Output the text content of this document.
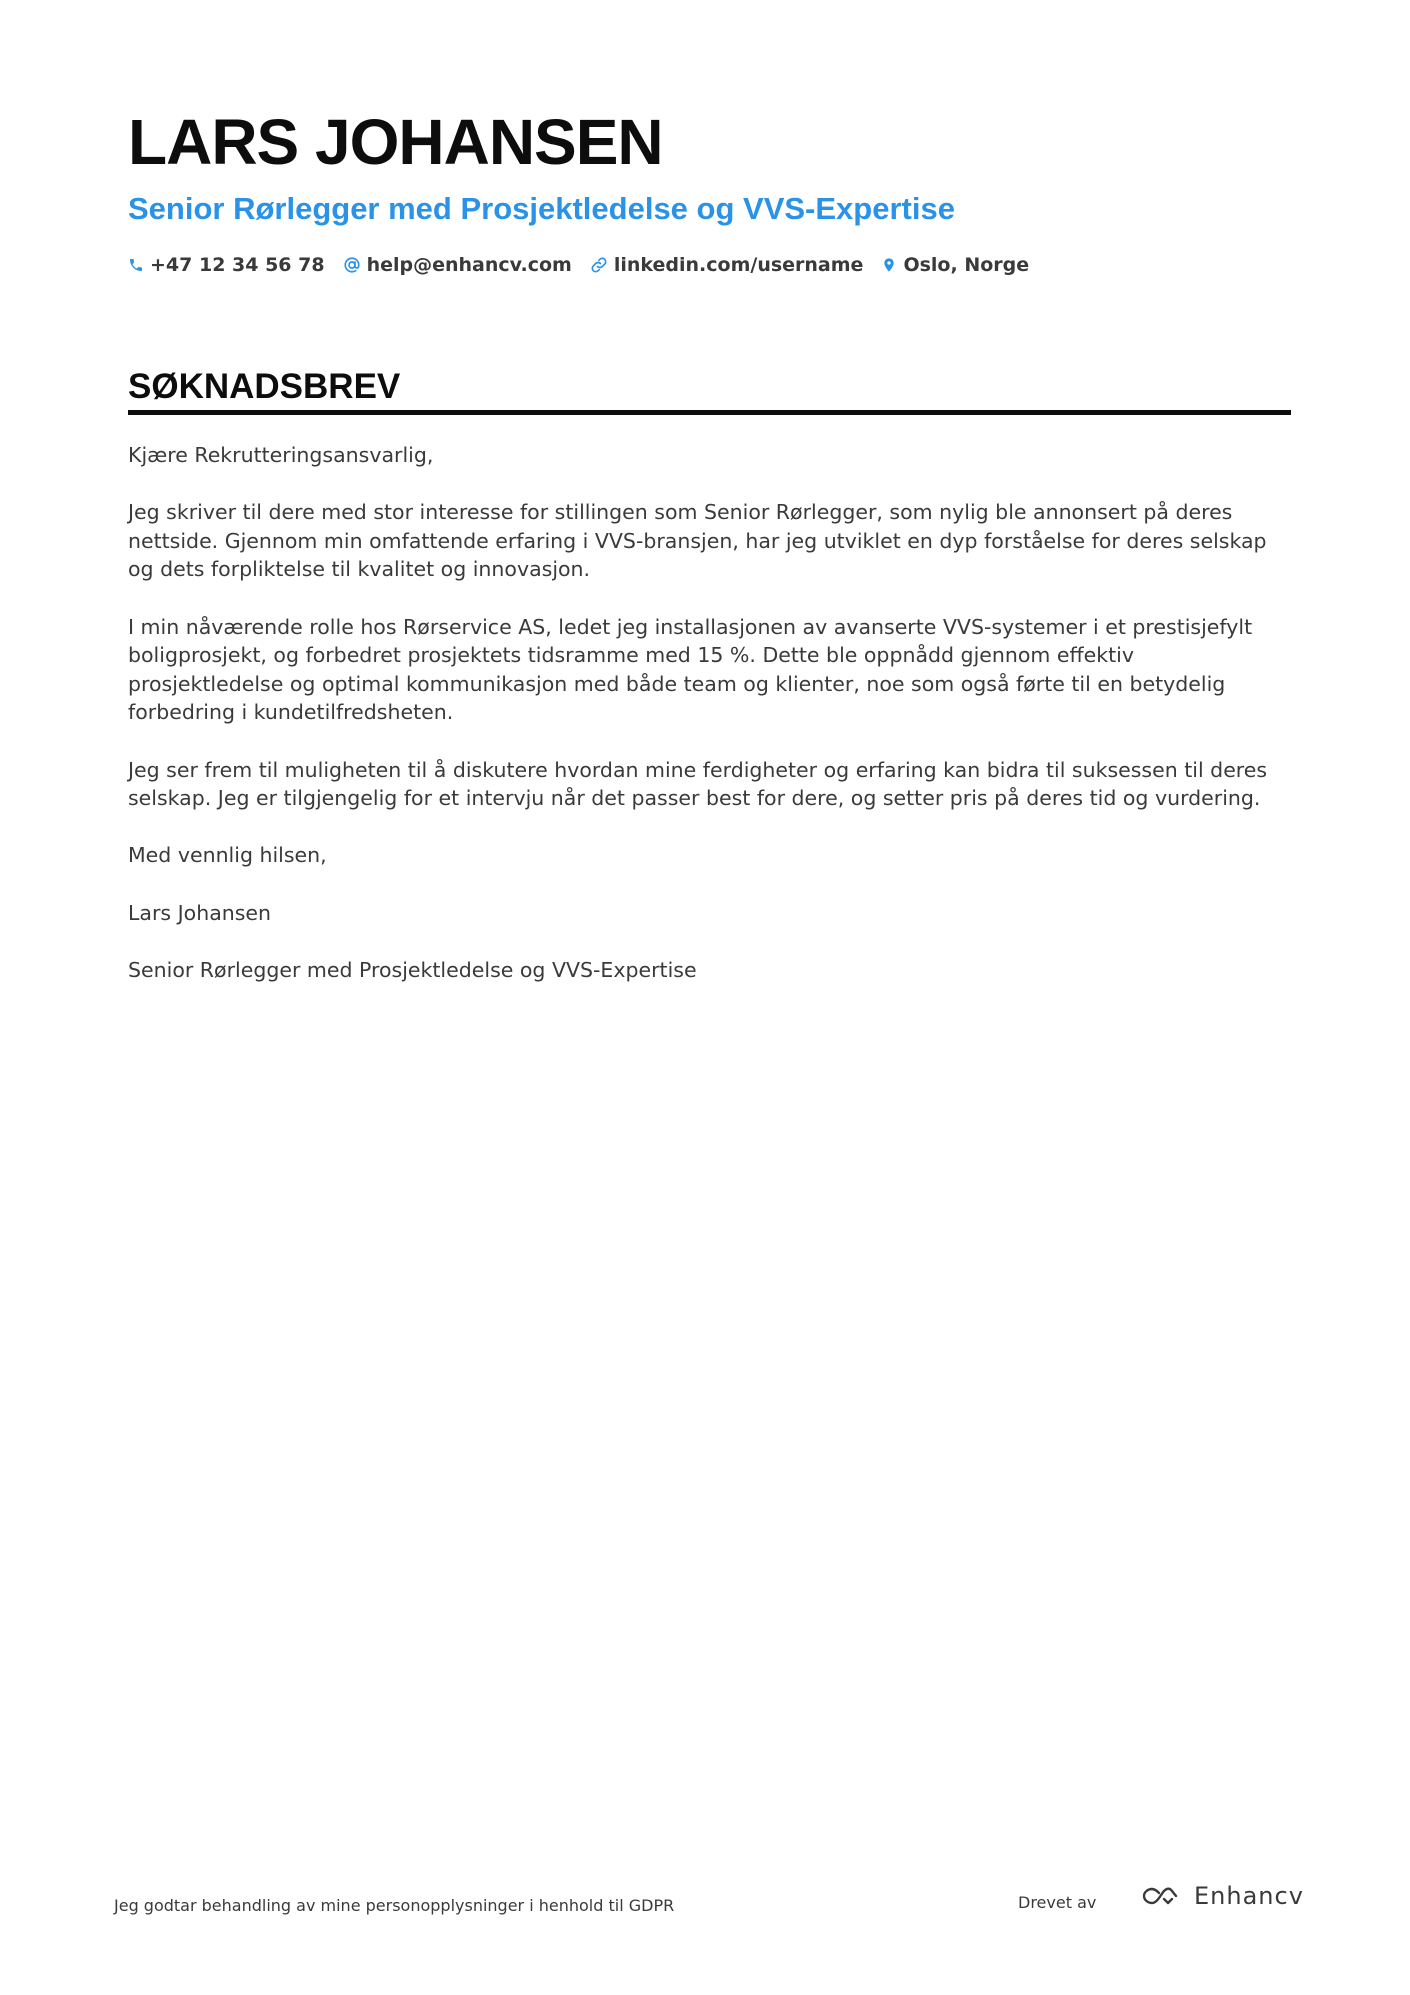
LARS JOHANSEN
Senior Rørlegger med Prosjektledelse og VVS-Expertise
+47 12 34 56 78 help@enhancv.com linkedin.com/username Oslo, Norge
SØKNADSBREV

Kjære Rekrutteringsansvarlig,

Jeg skriver til dere med stor interesse for stillingen som Senior Rørlegger, som nylig ble annonsert på deres nettside. Gjennom min omfattende erfaring i VVS-bransjen, har jeg utviklet en dyp forståelse for deres selskap og dets forpliktelse til kvalitet og innovasjon.

I min nåværende rolle hos Rørservice AS, ledet jeg installasjonen av avanserte VVS-systemer i et prestisjefylt boligprosjekt, og forbedret prosjektets tidsramme med 15 %. Dette ble oppnådd gjennom effektiv prosjektledelse og optimal kommunikasjon med både team og klienter, noe som også førte til en betydelig forbedring i kundetilfredsheten.

Jeg ser frem til muligheten til å diskutere hvordan mine ferdigheter og erfaring kan bidra til suksessen til deres selskap. Jeg er tilgjengelig for et intervju når det passer best for dere, og setter pris på deres tid og vurdering.

Med vennlig hilsen,

Lars Johansen

Senior Rørlegger med Prosjektledelse og VVS-Expertise

Jeg godtar behandling av mine personopplysninger i henhold til GDPR	Drevet av	Enhancv
